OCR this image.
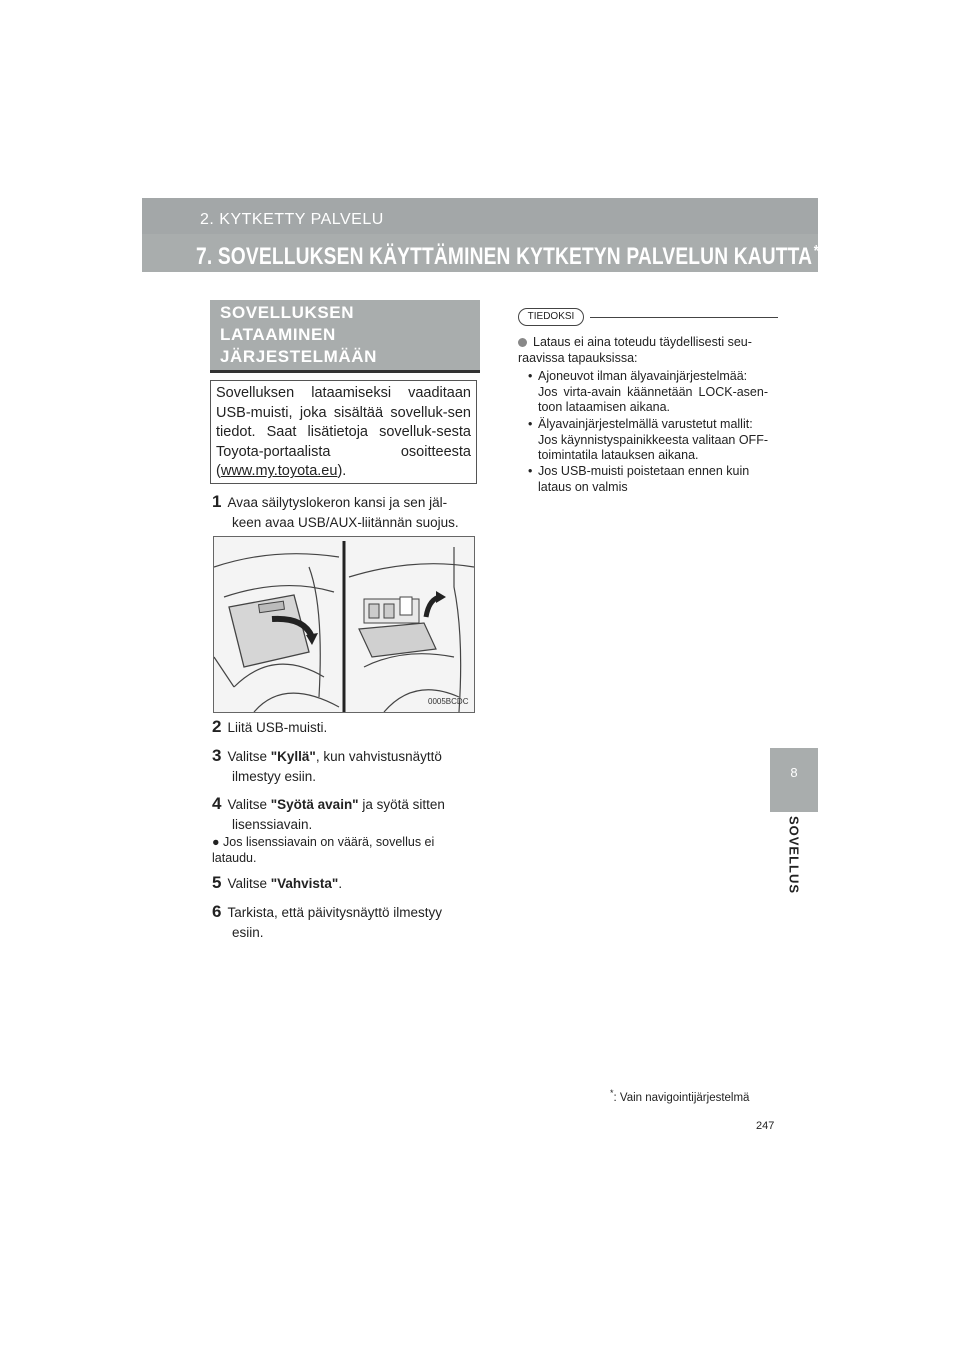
2. KYTKETTY PALVELU
7. SOVELLUKSEN KÄYTTÄMINEN KYTKETYN PALVELUN KAUTTA *
8
SOVELLUS
SOVELLUKSEN
LATAAMINEN
JÄRJESTELMÄÄN
Sovelluksen lataamiseksi vaaditaan USB-muisti, joka sisältää sovelluk-sen tiedot. Saat lisätietoja sovelluk-sesta Toyota-portaalista osoitteesta (www.my.toyota.eu).
1 Avaa säilytyslokeron kansi ja sen jäl-
keen avaa USB/AUX-liitännän suojus.
0005BCDC
2 Liitä USB-muisti.
3 Valitse "Kyllä", kun vahvistusnäyttö
ilmestyy esiin.
4 Valitse "Syötä avain" ja syötä sitten
lisenssiavain.
● Jos lisenssiavain on väärä, sovellus ei lataudu.
5 Valitse "Vahvista".
6 Tarkista, että päivitysnäyttö ilmestyy
esiin.
TIEDOKSI
Lataus ei aina toteudu täydellisesti seu-raavissa tapauksissa:
• Ajoneuvot ilman älyavainjärjestelmää:
Jos virta-avain käännetään LOCK-asen-toon lataamisen aikana.
• Älyavainjärjestelmällä varustetut mallit:
Jos käynnistyspainikkeesta valitaan OFF-toimintatila latauksen aikana.
• Jos USB-muisti poistetaan ennen kuin
lataus on valmis
*: Vain navigointijärjestelmä
247
